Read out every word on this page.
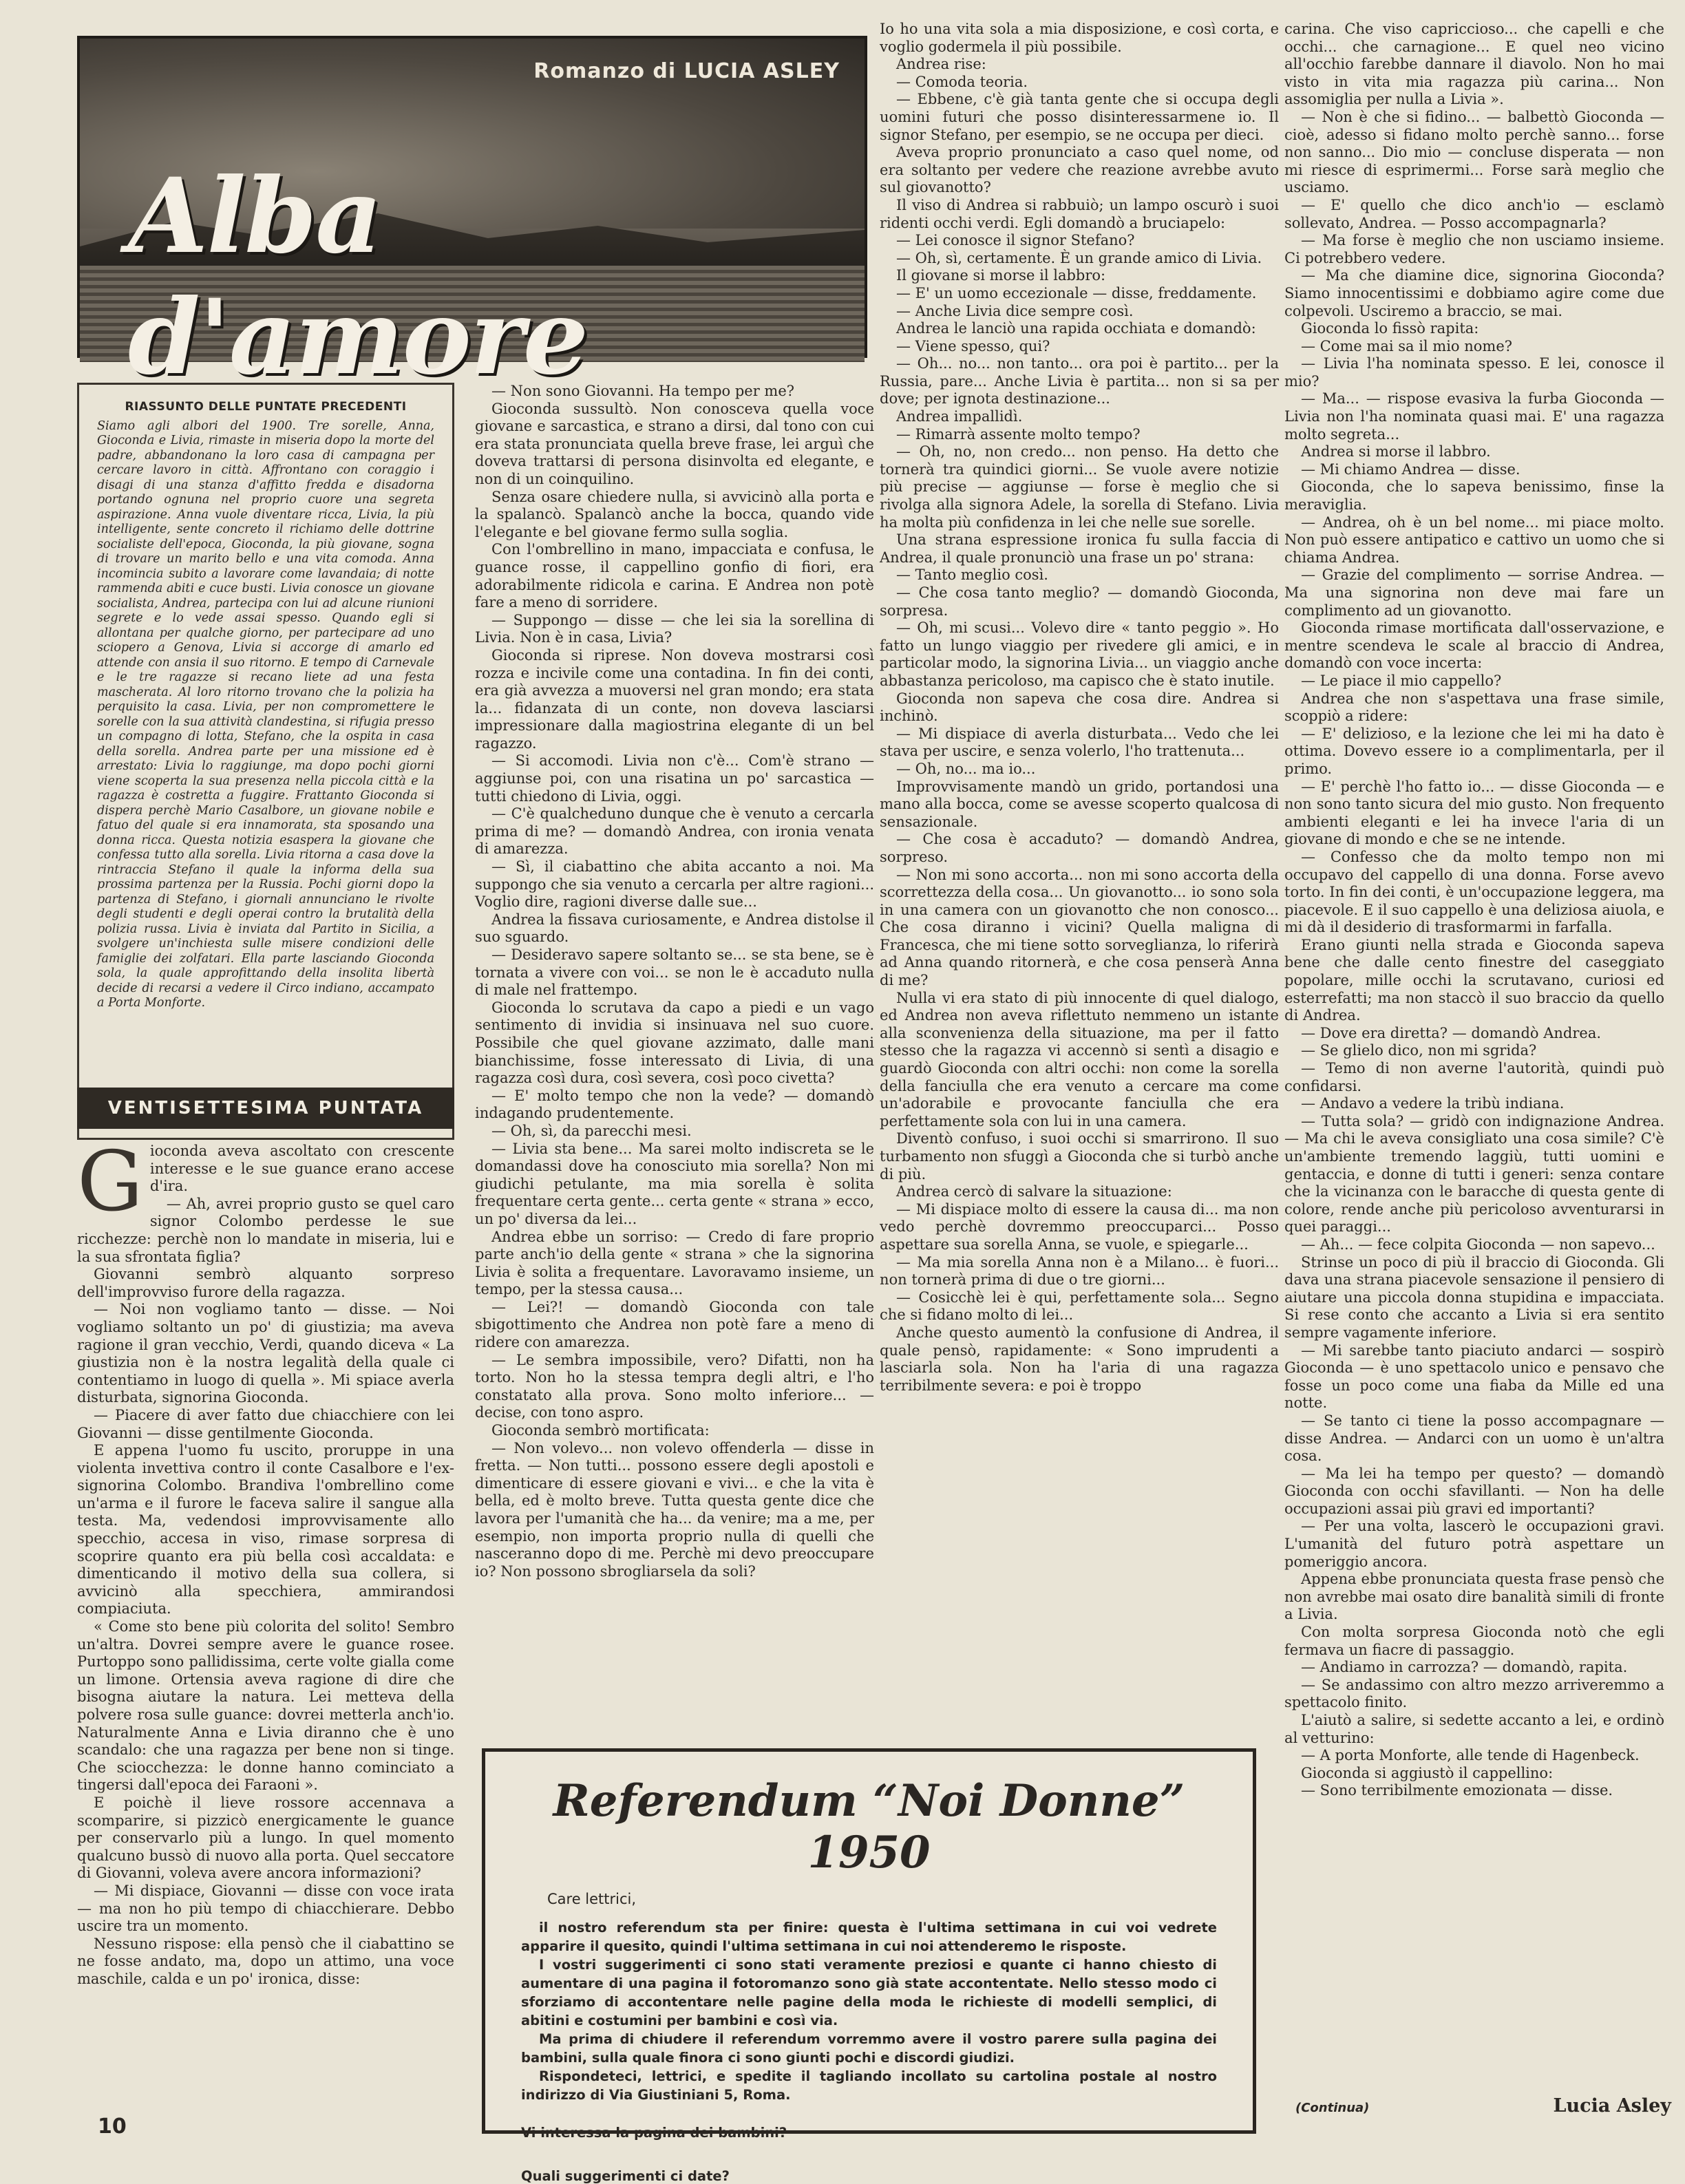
Romanzo di LUCIA ASLEY
Alba d'amore
RIASSUNTO DELLE PUNTATE PRECEDENTI
Siamo agli albori del 1900. Tre sorelle, Anna, Gioconda e Livia, rimaste in miseria dopo la morte del padre, abbandonano la loro casa di campagna per cercare lavoro in città. Affrontano con coraggio i disagi di una stanza d'affitto fredda e disadorna portando ognuna nel proprio cuore una segreta aspirazione. Anna vuole diventare ricca, Livia, la più intelligente, sente concreto il richiamo delle dottrine socialiste dell'epoca, Gioconda, la più giovane, sogna di trovare un marito bello e una vita comoda. Anna incomincia subito a lavorare come lavandaia; di notte rammenda abiti e cuce busti. Livia conosce un giovane socialista, Andrea, partecipa con lui ad alcune riunioni segrete e lo vede assai spesso. Quando egli si allontana per qualche giorno, per partecipare ad uno sciopero a Genova, Livia si accorge di amarlo ed attende con ansia il suo ritorno. E tempo di Carnevale e le tre ragazze si recano liete ad una festa mascherata. Al loro ritorno trovano che la polizia ha perquisito la casa. Livia, per non compromettere le sorelle con la sua attività clandestina, si rifugia presso un compagno di lotta, Stefano, che la ospita in casa della sorella. Andrea parte per una missione ed è arrestato: Livia lo raggiunge, ma dopo pochi giorni viene scoperta la sua presenza nella piccola città e la ragazza è costretta a fuggire. Frattanto Gioconda si dispera perchè Mario Casalbore, un giovane nobile e fatuo del quale si era innamorata, sta sposando una donna ricca. Questa notizia esaspera la giovane che confessa tutto alla sorella. Livia ritorna a casa dove la rintraccia Stefano il quale la informa della sua prossima partenza per la Russia. Pochi giorni dopo la partenza di Stefano, i giornali annunciano le rivolte degli studenti e degli operai contro la brutalità della polizia russa. Livia è inviata dal Partito in Sicilia, a svolgere un'inchiesta sulle misere condizioni delle famiglie dei zolfatari. Ella parte lasciando Gioconda sola, la quale approfittando della insolita libertà decide di recarsi a vedere il Circo indiano, accampato a Porta Monforte.
VENTISETTESIMA PUNTATA
G ioconda aveva ascoltato con crescente interesse e le sue guance erano accese d'ira.

— Ah, avrei proprio gusto se quel caro signor Colombo perdesse le sue ricchezze: perchè non lo mandate in miseria, lui e la sua sfrontata figlia?

Giovanni sembrò alquanto sorpreso dell'improvviso furore della ragazza.

— Noi non vogliamo tanto — disse. — Noi vogliamo soltanto un po' di giustizia; ma aveva ragione il gran vecchio, Verdi, quando diceva « La giustizia non è la nostra legalità della quale ci contentiamo in luogo di quella ». Mi spiace averla disturbata, signorina Gioconda.

— Piacere di aver fatto due chiacchiere con lei Giovanni — disse gentilmente Gioconda.

E appena l'uomo fu uscito, proruppe in una violenta invettiva contro il conte Casalbore e l'ex-signorina Colombo. Brandiva l'ombrellino come un'arma e il furore le faceva salire il sangue alla testa. Ma, vedendosi improvvisamente allo specchio, accesa in viso, rimase sorpresa di scoprire quanto era più bella così accaldata: e dimenticando il motivo della sua collera, si avvicinò alla specchiera, ammirandosi compiaciuta.

« Come sto bene più colorita del solito! Sembro un'altra. Dovrei sempre avere le guance rosee. Purtoppo sono pallidissima, certe volte gialla come un limone. Ortensia aveva ragione di dire che bisogna aiutare la natura. Lei metteva della polvere rosa sulle guance: dovrei metterla anch'io. Naturalmente Anna e Livia diranno che è uno scandalo: che una ragazza per bene non si tinge. Che sciocchezza: le donne hanno cominciato a tingersi dall'epoca dei Faraoni ».

E poichè il lieve rossore accennava a scomparire, si pizzicò energicamente le guance per conservarlo più a lungo. In quel momento qualcuno bussò di nuovo alla porta. Quel seccatore di Giovanni, voleva avere ancora informazioni?

— Mi dispiace, Giovanni — disse con voce irata — ma non ho più tempo di chiacchierare. Debbo uscire tra un momento.

Nessuno rispose: ella pensò che il ciabattino se ne fosse andato, ma, dopo un attimo, una voce maschile, calda e un po' ironica, disse:

— Non sono Giovanni. Ha tempo per me?

Gioconda sussultò. Non conosceva quella voce giovane e sarcastica, e strano a dirsi, dal tono con cui era stata pronunciata quella breve frase, lei arguì che doveva trattarsi di persona disinvolta ed elegante, e non di un coinquilino.

Senza osare chiedere nulla, si avvicinò alla porta e la spalancò. Spalancò anche la bocca, quando vide l'elegante e bel giovane fermo sulla soglia.

Con l'ombrellino in mano, impacciata e confusa, le guance rosse, il cappellino gonfio di fiori, era adorabilmente ridicola e carina. E Andrea non potè fare a meno di sorridere.

— Suppongo — disse — che lei sia la sorellina di Livia. Non è in casa, Livia?

Gioconda si riprese. Non doveva mostrarsi così rozza e incivile come una contadina. In fin dei conti, era già avvezza a muoversi nel gran mondo; era stata la... fidanzata di un conte, non doveva lasciarsi impressionare dalla magiostrina elegante di un bel ragazzo.

— Si accomodi. Livia non c'è... Com'è strano — aggiunse poi, con una risatina un po' sarcastica — tutti chiedono di Livia, oggi.

— C'è qualcheduno dunque che è venuto a cercarla prima di me? — domandò Andrea, con ironia venata di amarezza.

— Sì, il ciabattino che abita accanto a noi. Ma suppongo che sia venuto a cercarla per altre ragioni... Voglio dire, ragioni diverse dalle sue...

Andrea la fissava curiosamente, e Andrea distolse il suo sguardo.

— Desideravo sapere soltanto se... se sta bene, se è tornata a vivere con voi... se non le è accaduto nulla di male nel frattempo.

Gioconda lo scrutava da capo a piedi e un vago sentimento di invidia si insinuava nel suo cuore. Possibile che quel giovane azzimato, dalle mani bianchissime, fosse interessato di Livia, di una ragazza così dura, così severa, così poco civetta?

— E' molto tempo che non la vede? — domandò indagando prudentemente.

— Oh, sì, da parecchi mesi.

— Livia sta bene... Ma sarei molto indiscreta se le domandassi dove ha conosciuto mia sorella? Non mi giudichi petulante, ma mia sorella è solita frequentare certa gente... certa gente « strana » ecco, un po' diversa da lei...

Andrea ebbe un sorriso: — Credo di fare proprio parte anch'io della gente « strana » che la signorina Livia è solita a frequentare. Lavoravamo insieme, un tempo, per la stessa causa...

— Lei?! — domandò Gioconda con tale sbigottimento che Andrea non potè fare a meno di ridere con amarezza.

— Le sembra impossibile, vero? Difatti, non ha torto. Non ho la stessa tempra degli altri, e l'ho constatato alla prova. Sono molto inferiore... — decise, con tono aspro.

Gioconda sembrò mortificata:

— Non volevo... non volevo offenderla — disse in fretta. — Non tutti... possono essere degli apostoli e dimenticare di essere giovani e vivi... e che la vita è bella, ed è molto breve. Tutta questa gente dice che lavora per l'umanità che ha... da venire; ma a me, per esempio, non importa proprio nulla di quelli che nasceranno dopo di me. Perchè mi devo preoccupare io? Non possono sbrogliarsela da soli?

Io ho una vita sola a mia disposizione, e così corta, e voglio godermela il più possibile.

Andrea rise:

— Comoda teoria.

— Ebbene, c'è già tanta gente che si occupa degli uomini futuri che posso disinteressarmene io. Il signor Stefano, per esempio, se ne occupa per dieci.

Aveva proprio pronunciato a caso quel nome, od era soltanto per vedere che reazione avrebbe avuto sul giovanotto?

Il viso di Andrea si rabbuiò; un lampo oscurò i suoi ridenti occhi verdi. Egli domandò a bruciapelo:

— Lei conosce il signor Stefano?

— Oh, sì, certamente. È un grande amico di Livia.

Il giovane si morse il labbro:

— E' un uomo eccezionale — disse, freddamente.

— Anche Livia dice sempre così.

Andrea le lanciò una rapida occhiata e domandò:

— Viene spesso, qui?

— Oh... no... non tanto... ora poi è partito... per la Russia, pare... Anche Livia è partita... non si sa per dove; per ignota destinazione...

Andrea impallidì.

— Rimarrà assente molto tempo?

— Oh, no, non credo... non penso. Ha detto che tornerà tra quindici giorni... Se vuole avere notizie più precise — aggiunse — forse è meglio che si rivolga alla signora Adele, la sorella di Stefano. Livia ha molta più confidenza in lei che nelle sue sorelle.

Una strana espressione ironica fu sulla faccia di Andrea, il quale pronunciò una frase un po' strana:

— Tanto meglio così.

— Che cosa tanto meglio? — domandò Gioconda, sorpresa.

— Oh, mi scusi... Volevo dire « tanto peggio ». Ho fatto un lungo viaggio per rivedere gli amici, e in particolar modo, la signorina Livia... un viaggio anche abbastanza pericoloso, ma capisco che è stato inutile.

Gioconda non sapeva che cosa dire. Andrea si inchinò.

— Mi dispiace di averla disturbata... Vedo che lei stava per uscire, e senza volerlo, l'ho trattenuta...

— Oh, no... ma io...

Improvvisamente mandò un grido, portandosi una mano alla bocca, come se avesse scoperto qualcosa di sensazionale.

— Che cosa è accaduto? — domandò Andrea, sorpreso.

— Non mi sono accorta... non mi sono accorta della scorrettezza della cosa... Un giovanotto... io sono sola in una camera con un giovanotto che non conosco... Che cosa diranno i vicini? Quella maligna di Francesca, che mi tiene sotto sorveglianza, lo riferirà ad Anna quando ritornerà, e che cosa penserà Anna di me?

Nulla vi era stato di più innocente di quel dialogo, ed Andrea non aveva riflettuto nemmeno un istante alla sconvenienza della situazione, ma per il fatto stesso che la ragazza vi accennò si sentì a disagio e guardò Gioconda con altri occhi: non come la sorella della fanciulla che era venuto a cercare ma come un'adorabile e provocante fanciulla che era perfettamente sola con lui in una camera.

Diventò confuso, i suoi occhi si smarrirono. Il suo turbamento non sfuggì a Gioconda che si turbò anche di più.

Andrea cercò di salvare la situazione:

— Mi dispiace molto di essere la causa di... ma non vedo perchè dovremmo preoccuparci... Posso aspettare sua sorella Anna, se vuole, e spiegarle...

— Ma mia sorella Anna non è a Milano... è fuori... non tornerà prima di due o tre giorni...

— Cosicchè lei è qui, perfettamente sola... Segno che si fidano molto di lei...

Anche questo aumentò la confusione di Andrea, il quale pensò, rapidamente: « Sono imprudenti a lasciarla sola. Non ha l'aria di una ragazza terribilmente severa: e poi è troppo

carina. Che viso capriccioso... che capelli e che occhi... che carnagione... E quel neo vicino all'occhio farebbe dannare il diavolo. Non ho mai visto in vita mia ragazza più carina... Non assomiglia per nulla a Livia ».

— Non è che si fidino... — balbettò Gioconda — cioè, adesso si fidano molto perchè sanno... forse non sanno... Dio mio — concluse disperata — non mi riesce di esprimermi... Forse sarà meglio che usciamo.

— E' quello che dico anch'io — esclamò sollevato, Andrea. — Posso accompagnarla?

— Ma forse è meglio che non usciamo insieme. Ci potrebbero vedere.

— Ma che diamine dice, signorina Gioconda? Siamo innocentissimi e dobbiamo agire come due colpevoli. Usciremo a braccio, se mai.

Gioconda lo fissò rapita:

— Come mai sa il mio nome?

— Livia l'ha nominata spesso. E lei, conosce il mio?

— Ma... — rispose evasiva la furba Gioconda — Livia non l'ha nominata quasi mai. E' una ragazza molto segreta...

Andrea si morse il labbro.

— Mi chiamo Andrea — disse.

Gioconda, che lo sapeva benissimo, finse la meraviglia.

— Andrea, oh è un bel nome... mi piace molto. Non può essere antipatico e cattivo un uomo che si chiama Andrea.

— Grazie del complimento — sorrise Andrea. — Ma una signorina non deve mai fare un complimento ad un giovanotto.

Gioconda rimase mortificata dall'osservazione, e mentre scendeva le scale al braccio di Andrea, domandò con voce incerta:

— Le piace il mio cappello?

Andrea che non s'aspettava una frase simile, scoppiò a ridere:

— E' delizioso, e la lezione che lei mi ha dato è ottima. Dovevo essere io a complimentarla, per il primo.

— E' perchè l'ho fatto io... — disse Gioconda — e non sono tanto sicura del mio gusto. Non frequento ambienti eleganti e lei ha invece l'aria di un giovane di mondo e che se ne intende.

— Confesso che da molto tempo non mi occupavo del cappello di una donna. Forse avevo torto. In fin dei conti, è un'occupazione leggera, ma piacevole. E il suo cappello è una deliziosa aiuola, e mi dà il desiderio di trasformarmi in farfalla.

Erano giunti nella strada e Gioconda sapeva bene che dalle cento finestre del caseggiato popolare, mille occhi la scrutavano, curiosi ed esterrefatti; ma non staccò il suo braccio da quello di Andrea.

— Dove era diretta? — domandò Andrea.

— Se glielo dico, non mi sgrida?

— Temo di non averne l'autorità, quindi può confidarsi.

— Andavo a vedere la tribù indiana.

— Tutta sola? — gridò con indignazione Andrea. — Ma chi le aveva consigliato una cosa simile? C'è un'ambiente tremendo laggiù, tutti uomini e gentaccia, e donne di tutti i generi: senza contare che la vicinanza con le baracche di questa gente di colore, rende anche più pericoloso avventurarsi in quei paraggi...

— Ah... — fece colpita Gioconda — non sapevo...

Strinse un poco di più il braccio di Gioconda. Gli dava una strana piacevole sensazione il pensiero di aiutare una piccola donna stupidina e impacciata. Si rese conto che accanto a Livia si era sentito sempre vagamente inferiore.

— Mi sarebbe tanto piaciuto andarci — sospirò Gioconda — è uno spettacolo unico e pensavo che fosse un poco come una fiaba da Mille ed una notte.

— Se tanto ci tiene la posso accompagnare — disse Andrea. — Andarci con un uomo è un'altra cosa.

— Ma lei ha tempo per questo? — domandò Gioconda con occhi sfavillanti. — Non ha delle occupazioni assai più gravi ed importanti?

— Per una volta, lascerò le occupazioni gravi. L'umanità del futuro potrà aspettare un pomeriggio ancora.

Appena ebbe pronunciata questa frase pensò che non avrebbe mai osato dire banalità simili di fronte a Livia.

Con molta sorpresa Gioconda notò che egli fermava un fiacre di passaggio.

— Andiamo in carrozza? — domandò, rapita.

— Se andassimo con altro mezzo arriveremmo a spettacolo finito.

L'aiutò a salire, si sedette accanto a lei, e ordinò al vetturino:

— A porta Monforte, alle tende di Hagenbeck.

Gioconda si aggiustò il cappellino:

— Sono terribilmente emozionata — disse.

Referendum “Noi Donne” 1950
Care lettrici,

il nostro referendum sta per finire: questa è l'ultima settimana in cui voi vedrete apparire il quesito, quindi l'ultima settimana in cui noi attenderemo le risposte.

I vostri suggerimenti ci sono stati veramente preziosi e quante ci hanno chiesto di aumentare di una pagina il fotoromanzo sono già state accontentate. Nello stesso modo ci sforziamo di accontentare nelle pagine della moda le richieste di modelli semplici, di abitini e costumini per bambini e così via.

Ma prima di chiudere il referendum vorremmo avere il vostro parere sulla pagina dei bambini, sulla quale finora ci sono giunti pochi e discordi giudizi.

Rispondeteci, lettrici, e spedite il tagliando incollato su cartolina postale al nostro indirizzo di Via Giustiniani 5, Roma.

Vi interessa la pagina dei bambini?
Quali suggerimenti ci date?
10
(Continua)	Lucia Asley
